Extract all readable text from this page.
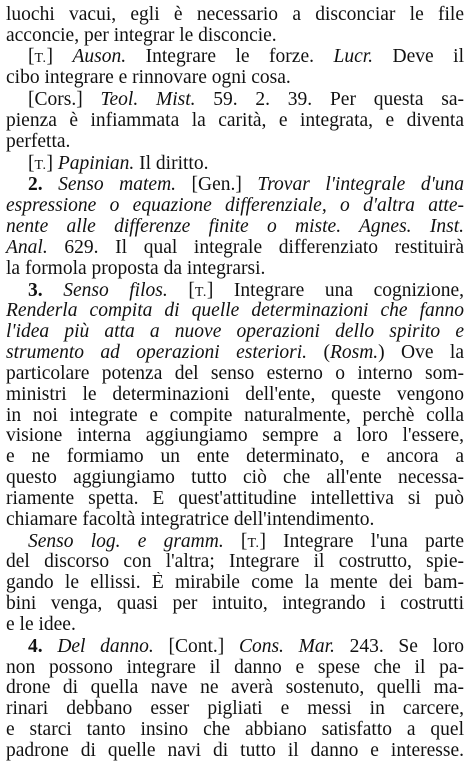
luochi vacui, egli è necessario a disconciar le file
acconcie, per integrar le disconcie.
[T.] Auson. Integrare le forze. Lucr. Deve il
cibo integrare e rinnovare ogni cosa.
[Cors.] Teol. Mist. 59. 2. 39. Per questa sa-
pienza è infiammata la carità, e integrata, e diventa
perfetta.
[T.] Papinian. Il diritto.
2. Senso matem. [Gen.] Trovar l'integrale d'una
espressione o equazione differenziale, o d'altra atte-
nente alle differenze finite o miste. Agnes. Inst.
Anal. 629. Il qual integrale differenziato restituirà
la formola proposta da integrarsi.
3. Senso filos. [T.] Integrare una cognizione,
Renderla compita di quelle determinazioni che fanno
l'idea più atta a nuove operazioni dello spirito e
strumento ad operazioni esteriori. (Rosm.) Ove la
particolare potenza del senso esterno o interno som-
ministri le determinazioni dell'ente, queste vengono
in noi integrate e compite naturalmente, perchè colla
visione interna aggiungiamo sempre a loro l'essere,
e ne formiamo un ente determinato, e ancora a
questo aggiungiamo tutto ciò che all'ente necessa-
riamente spetta. E quest'attitudine intellettiva si può
chiamare facoltà integratrice dell'intendimento.
Senso log. e gramm. [T.] Integrare l'una parte
del discorso con l'altra; Integrare il costrutto, spie-
gando le ellissi. È mirabile come la mente dei bam-
bini venga, quasi per intuito, integrando i costrutti
e le idee.
4. Del danno. [Cont.] Cons. Mar. 243. Se loro
non possono integrare il danno e spese che il pa-
drone di quella nave ne averà sostenuto, quelli ma-
rinari debbano esser pigliati e messi in carcere,
e starci tanto insino che abbiano satisfatto a quel
padrone di quelle navi di tutto il danno e interesse.
